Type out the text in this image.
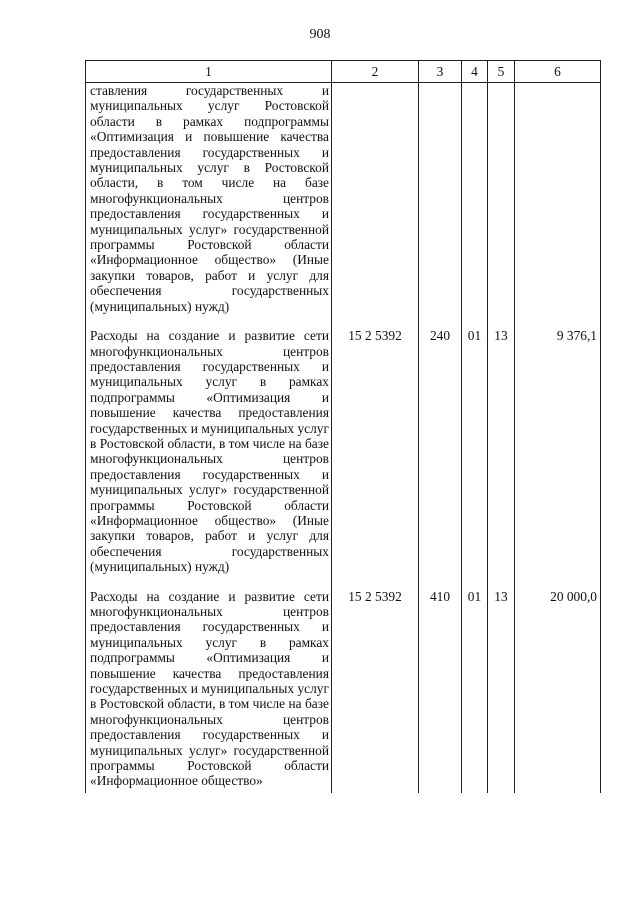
908
1	2	3	4	5	6

ставления государственных и муниципальных услуг Ростовской области в рамках подпрограммы «Оптимизация и повышение качества предоставления государственных и муниципальных услуг в Ростовской области, в том числе на базе многофункциональных центров предоставления государственных и муниципальных услуг» государственной программы Ростовской области «Информационное общество» (Иные закупки товаров, работ и услуг для обеспечения государственных (муниципальных) нужд)					

Расходы на создание и развитие сети многофункциональных центров предоставления государственных и муниципальных услуг в рамках подпрограммы «Оптимизация и повышение качества предоставления государственных и муниципальных услуг в Ростовской области, в том числе на базе многофункциональных центров предоставления государственных и муниципальных услуг» государственной программы Ростовской области «Информационное общество» (Иные закупки товаров, работ и услуг для обеспечения государственных (муниципальных) нужд)	15 2 5392	240	01	13	9 376,1

Расходы на создание и развитие сети многофункциональных центров предоставления государственных и муниципальных услуг в рамках подпрограммы «Оптимизация и повышение качества предоставления государственных и муниципальных услуг в Ростовской области, в том числе на базе многофункциональных центров предоставления государственных и муниципальных услуг» государственной программы Ростовской области «Информационное общество»	15 2 5392	410	01	13	20 000,0
